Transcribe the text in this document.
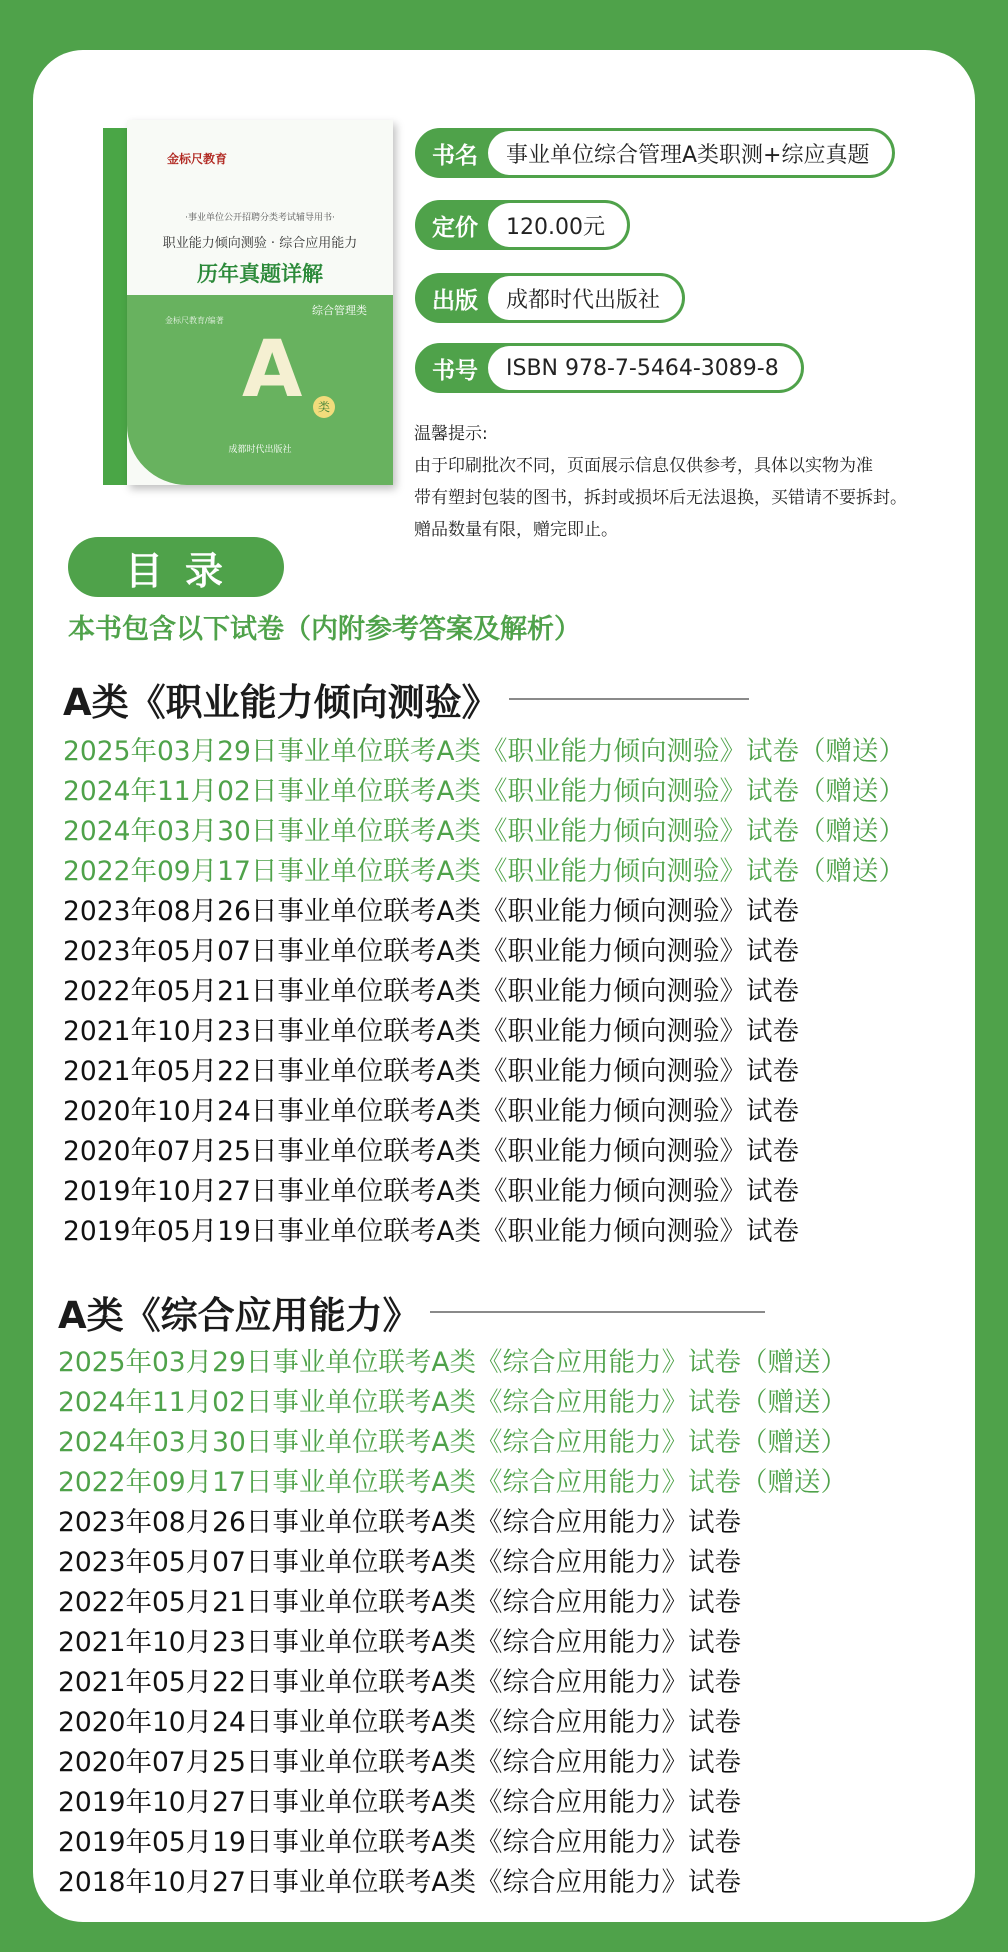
金标尺教育
·事业单位公开招聘分类考试辅导用书·
职业能力倾向测验 · 综合应用能力
历年真题详解
综合管理类
金标尺教育/编著
A	类
成都时代出版社
书名	事业单位综合管理A类职测+综应真题
定价	120.00元
出版	成都时代出版社
书号	ISBN 978-7-5464-3089-8
温馨提示:
由于印刷批次不同，页面展示信息仅供参考，具体以实物为准
带有塑封包装的图书，拆封或损坏后无法退换，买错请不要拆封。
赠品数量有限，赠完即止。
目录
本书包含以下试卷（内附参考答案及解析）
A类《职业能力倾向测验》
2025年03月29日事业单位联考A类《职业能力倾向测验》试卷（赠送）
2024年11月02日事业单位联考A类《职业能力倾向测验》试卷（赠送）
2024年03月30日事业单位联考A类《职业能力倾向测验》试卷（赠送）
2022年09月17日事业单位联考A类《职业能力倾向测验》试卷（赠送）
2023年08月26日事业单位联考A类《职业能力倾向测验》试卷
2023年05月07日事业单位联考A类《职业能力倾向测验》试卷
2022年05月21日事业单位联考A类《职业能力倾向测验》试卷
2021年10月23日事业单位联考A类《职业能力倾向测验》试卷
2021年05月22日事业单位联考A类《职业能力倾向测验》试卷
2020年10月24日事业单位联考A类《职业能力倾向测验》试卷
2020年07月25日事业单位联考A类《职业能力倾向测验》试卷
2019年10月27日事业单位联考A类《职业能力倾向测验》试卷
2019年05月19日事业单位联考A类《职业能力倾向测验》试卷
A类《综合应用能力》
2025年03月29日事业单位联考A类《综合应用能力》试卷（赠送）
2024年11月02日事业单位联考A类《综合应用能力》试卷（赠送）
2024年03月30日事业单位联考A类《综合应用能力》试卷（赠送）
2022年09月17日事业单位联考A类《综合应用能力》试卷（赠送）
2023年08月26日事业单位联考A类《综合应用能力》试卷
2023年05月07日事业单位联考A类《综合应用能力》试卷
2022年05月21日事业单位联考A类《综合应用能力》试卷
2021年10月23日事业单位联考A类《综合应用能力》试卷
2021年05月22日事业单位联考A类《综合应用能力》试卷
2020年10月24日事业单位联考A类《综合应用能力》试卷
2020年07月25日事业单位联考A类《综合应用能力》试卷
2019年10月27日事业单位联考A类《综合应用能力》试卷
2019年05月19日事业单位联考A类《综合应用能力》试卷
2018年10月27日事业单位联考A类《综合应用能力》试卷
